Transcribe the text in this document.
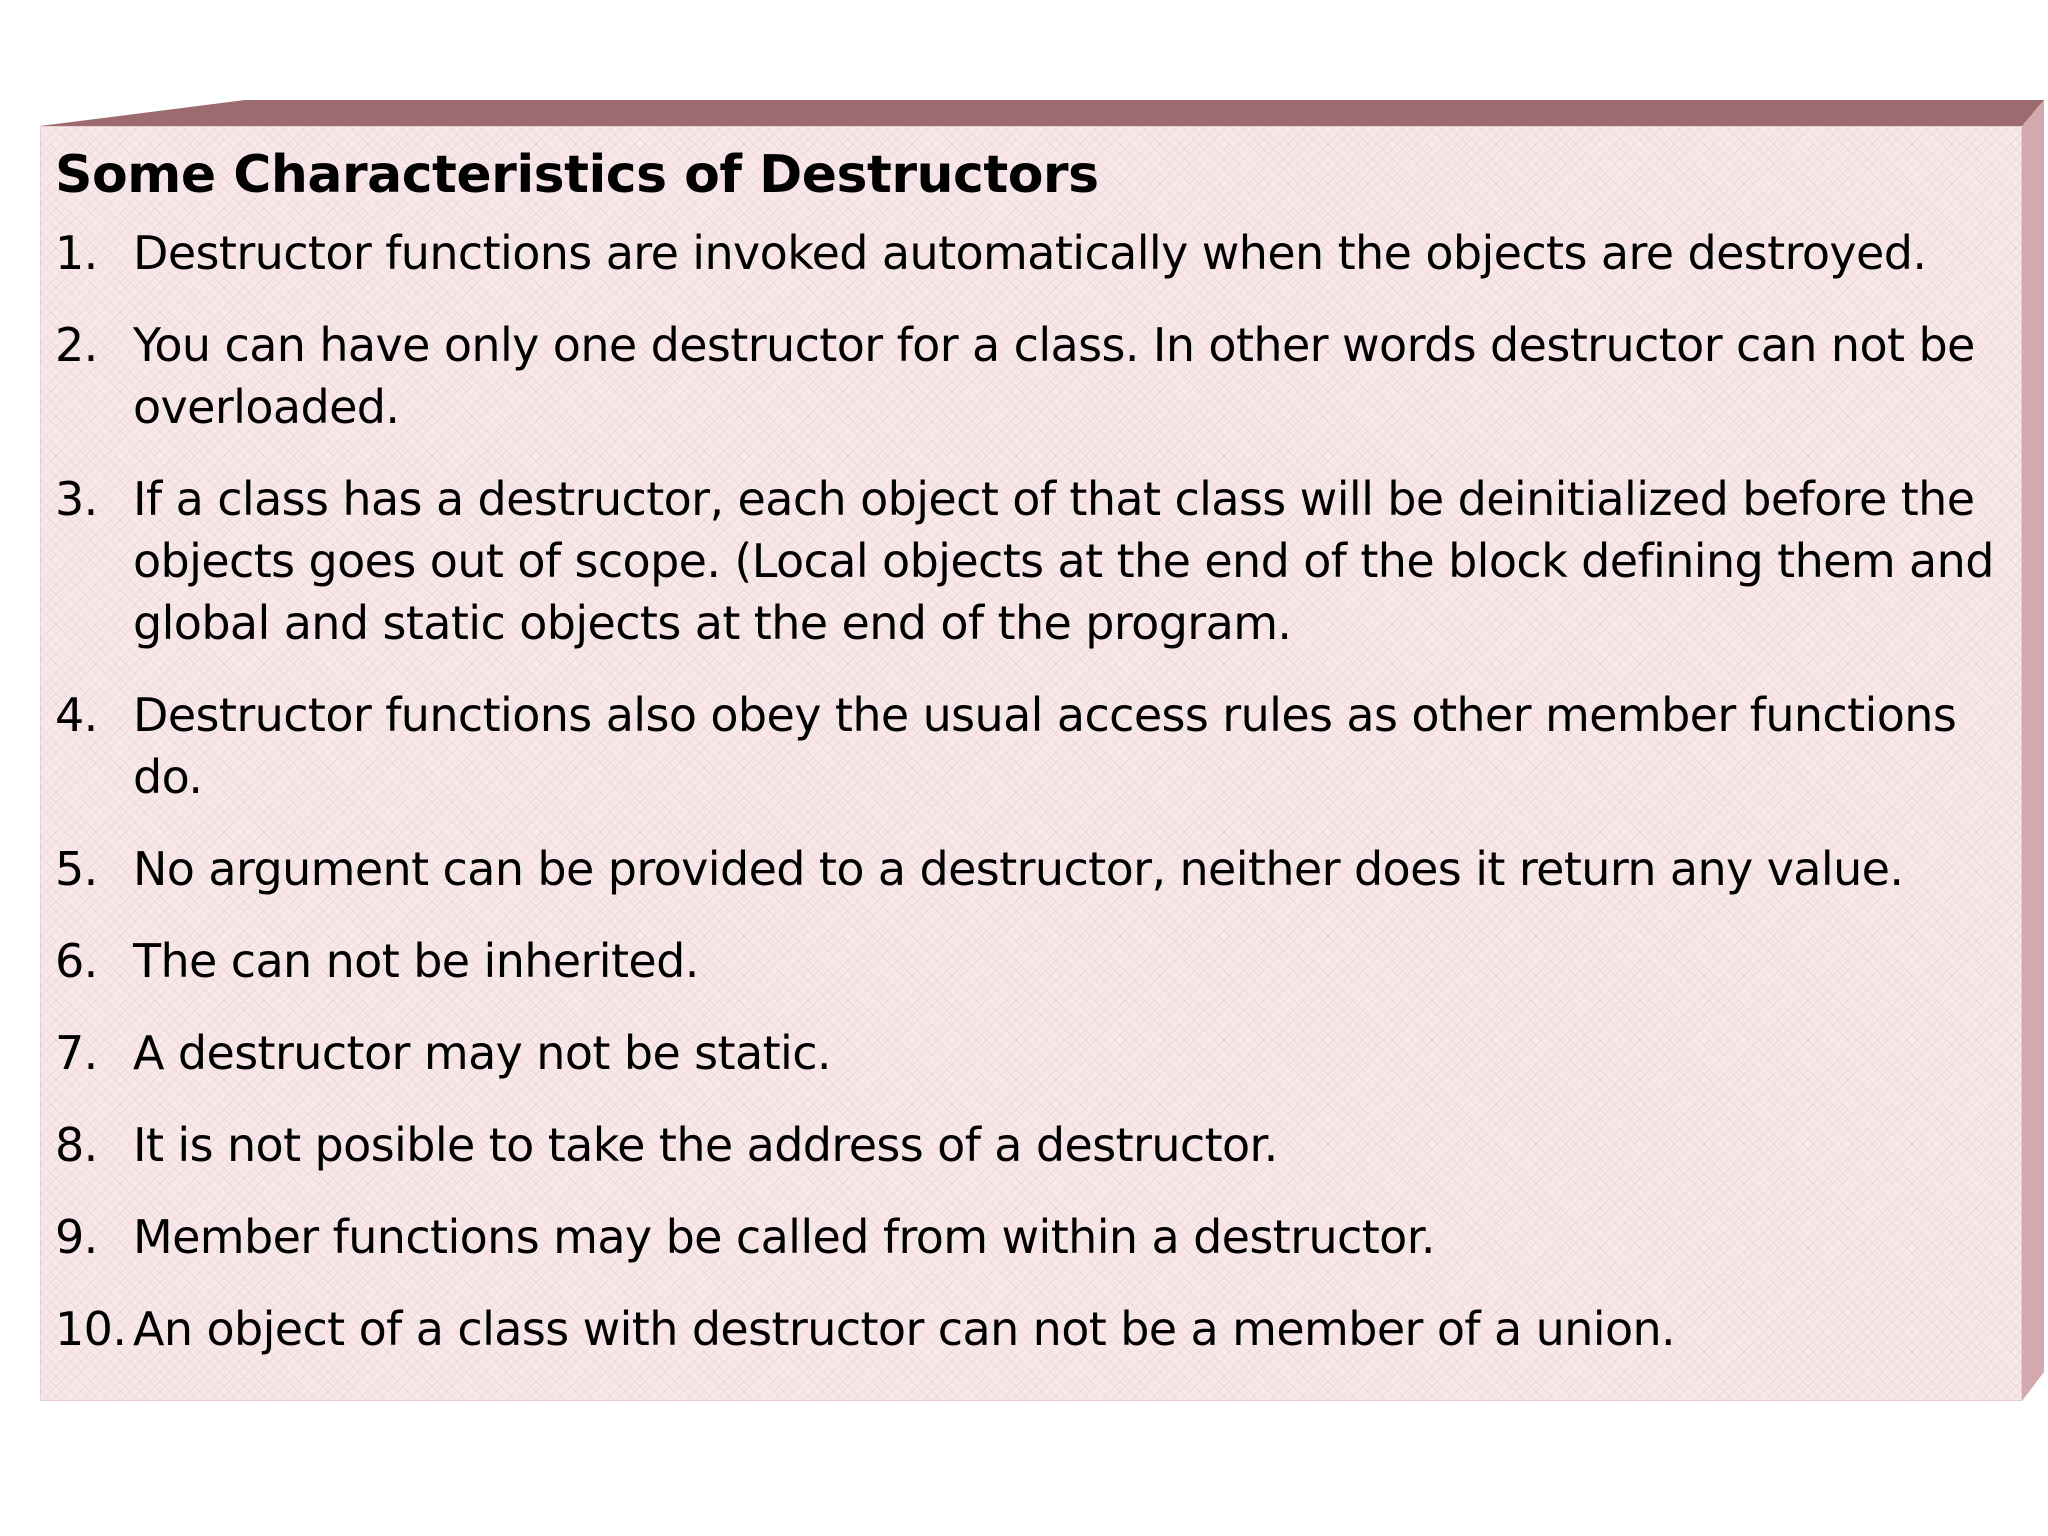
Some Characteristics of Destructors
1. Destructor functions are invoked automatically when the objects are destroyed.
2. You can have only one destructor for a class. In other words destructor can not be overloaded.
3. If a class has a destructor, each object of that class will be deinitialized before the objects goes out of scope. (Local objects at the end of the block defining them and global and static objects at the end of the program.
4. Destructor functions also obey the usual access rules as other member functions do.
5. No argument can be provided to a destructor, neither does it return any value.
6. The can not be inherited.
7. A destructor may not be static.
8. It is not posible to take the address of a destructor.
9. Member functions may be called from within a destructor.
10. An object of a class with destructor can not be a member of a union.
